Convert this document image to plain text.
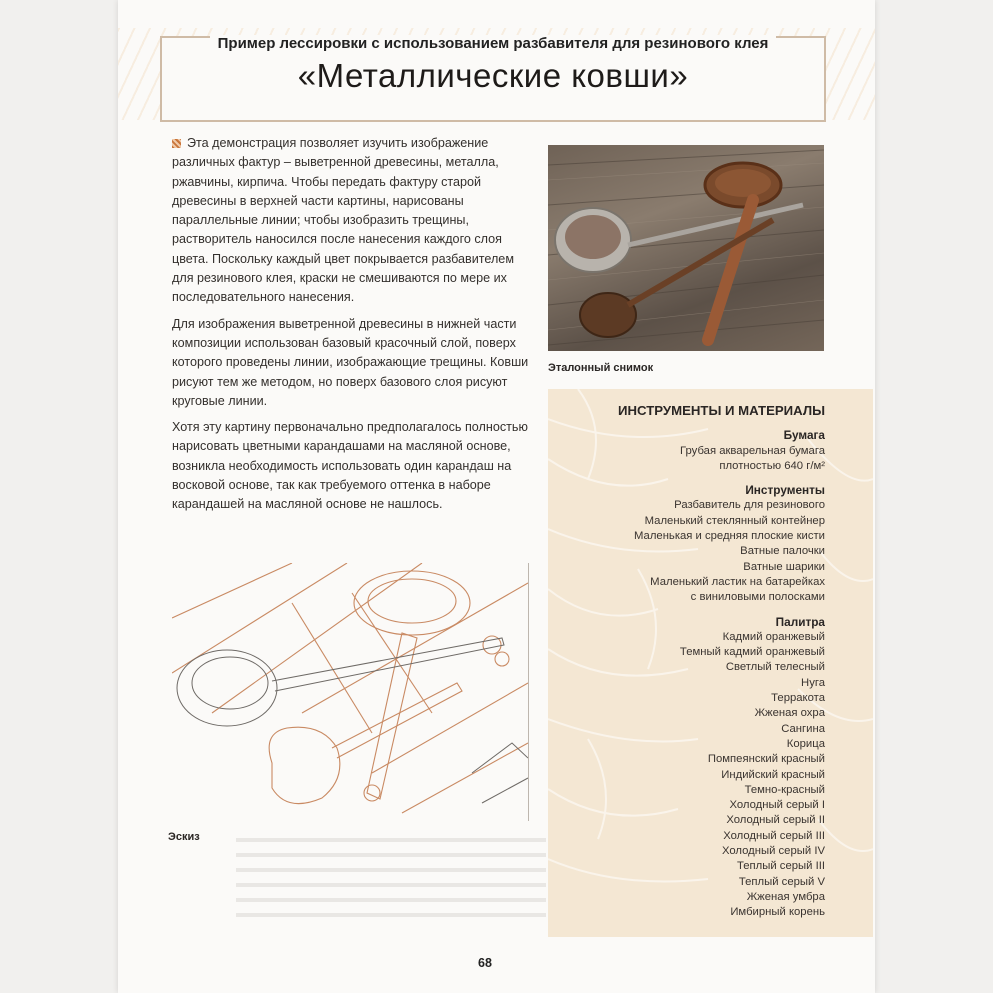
Пример лессировки с использованием разбавителя для резинового клея
«Металлические ковши»

Эта демонстрация позволяет изучить изображение различных фактур – выветренной древесины, металла, ржавчины, кирпича. Чтобы передать фактуру старой древесины в верхней части картины, нарисованы параллельные линии; чтобы изобразить трещины, растворитель наносился после нанесения каждого слоя цвета. Поскольку каждый цвет покрывается разбавителем для резинового клея, краски не смешиваются по мере их последовательного нанесения.

Для изображения выветренной древесины в нижней части композиции использован базовый красочный слой, поверх которого проведены линии, изображающие трещины. Ковши рисуют тем же методом, но поверх базового слоя рисуют круговые линии.

Хотя эту картину первоначально предполагалось полностью нарисовать цветными карандашами на масляной основе, возникла необходимость использовать один карандаш на восковой основе, так как требуемого оттенка в наборе карандашей на масляной основе не нашлось.

Эталонный снимок
ИНСТРУМЕНТЫ И МАТЕРИАЛЫ
Бумага
Грубая акварельная бумага
плотностью 640 г/м²
Инструменты
Разбавитель для резинового
Маленький стеклянный контейнер
Маленькая и средняя плоские кисти
Ватные палочки
Ватные шарики
Маленький ластик на батарейках
с виниловыми полосками
Палитра
Кадмий оранжевый
Темный кадмий оранжевый
Светлый телесный
Нуга
Терракота
Жженая охра
Сангина
Корица
Помпеянский красный
Индийский красный
Темно-красный
Холодный серый I
Холодный серый II
Холодный серый III
Холодный серый IV
Теплый серый III
Теплый серый V
Жженая умбра
Имбирный корень
Эскиз
68
